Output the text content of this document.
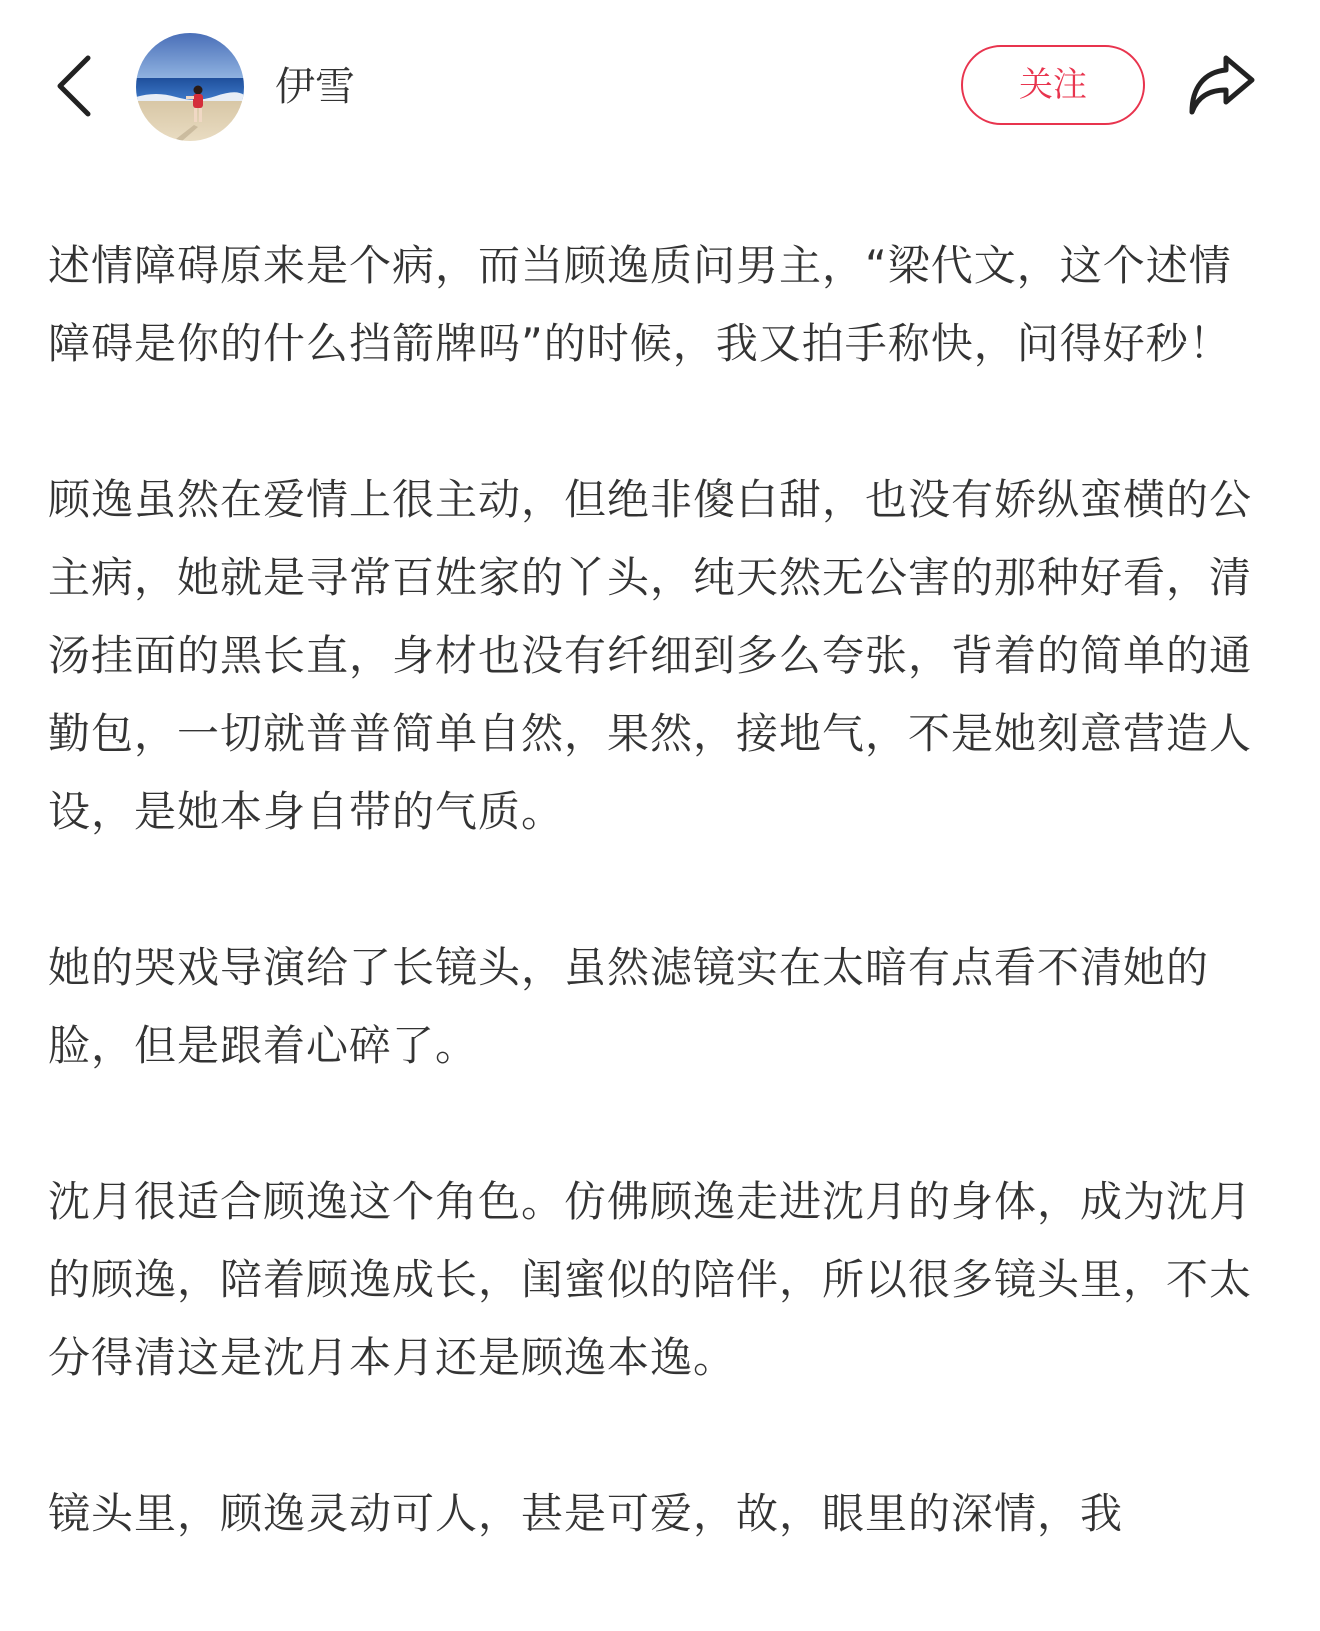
伊雪	关注

述情障碍原来是个病，而当顾逸质问男主，“梁代文，这个述情障碍是你的什么挡箭牌吗”的时候，我又拍手称快，问得好秒！

顾逸虽然在爱情上很主动，但绝非傻白甜，也没有娇纵蛮横的公主病，她就是寻常百姓家的丫头，纯天然无公害的那种好看，清汤挂面的黑长直，身材也没有纤细到多么夸张，背着的简单的通勤包，一切就普普简单自然，果然，接地气，不是她刻意营造人设，是她本身自带的气质。

她的哭戏导演给了长镜头，虽然滤镜实在太暗有点看不清她的脸，但是跟着心碎了。

沈月很适合顾逸这个角色。仿佛顾逸走进沈月的身体，成为沈月的顾逸，陪着顾逸成长，闺蜜似的陪伴，所以很多镜头里，不太分得清这是沈月本月还是顾逸本逸。

镜头里，顾逸灵动可人，甚是可爱，故，眼里的深情，我
